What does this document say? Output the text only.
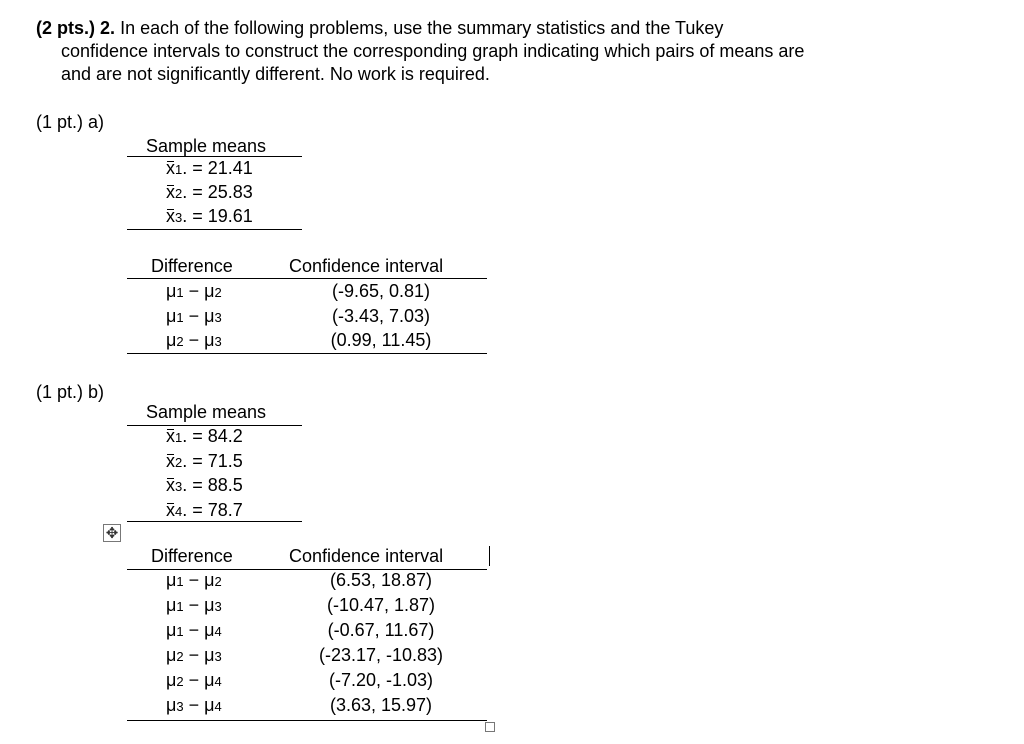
(2 pts.) 2. In each of the following problems, use the summary statistics and the Tukey
confidence intervals to construct the corresponding graph indicating which pairs of means are
and are not significantly different. No work is required.
(1 pt.) a)
Sample means
x1. = 21.41
x2. = 25.83
x3. = 19.61
Difference	Confidence interval
μ1 − μ2	(-9.65, 0.81)
μ1 − μ3	(-3.43, 7.03)
μ2 − μ3	(0.99, 11.45)
(1 pt.) b)
Sample means
x1. = 84.2
x2. = 71.5
x3. = 88.5
x4. = 78.7
✥
Difference	Confidence interval
μ1 − μ2	(6.53, 18.87)
μ1 − μ3	(-10.47, 1.87)
μ1 − μ4	(-0.67, 11.67)
μ2 − μ3	(-23.17, -10.83)
μ2 − μ4	(-7.20, -1.03)
μ3 − μ4	(3.63, 15.97)
